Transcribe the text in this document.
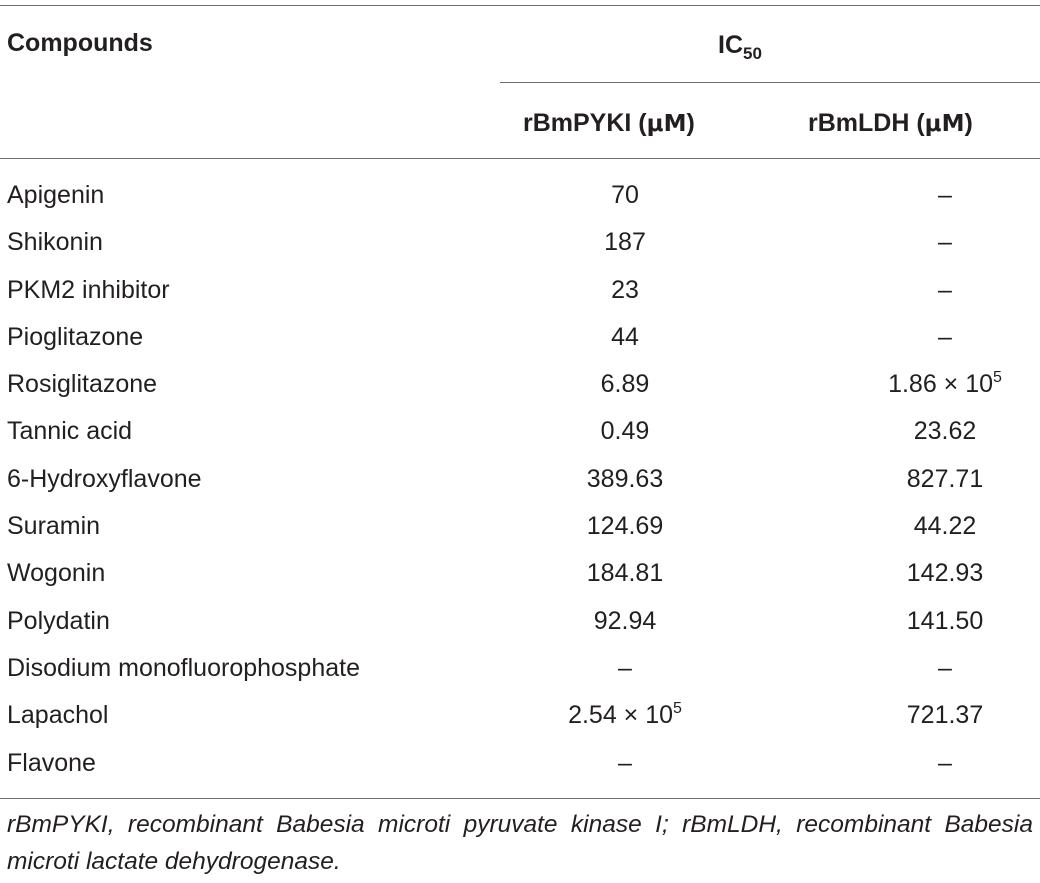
Compounds	$IC_{50}$
rBmPYKI (μM)	rBmLDH (μM)
Apigenin	70	–
Shikonin	187	–
PKM2 inhibitor	23	–
Pioglitazone	44	–
Rosiglitazone	6.89	$1.86 \times 10^5$
Tannic acid	0.49	23.62
6-Hydroxyflavone	389.63	827.71
Suramin	124.69	44.22
Wogonin	184.81	142.93
Polydatin	92.94	141.50
Disodium monofluorophosphate	–	–
Lapachol	$2.54 \times 10^5$	721.37
Flavone	–	–
rBmPYKI, recombinant Babesia microti pyruvate kinase I; rBmLDH, recombinant Babesia microti lactate dehydrogenase.
